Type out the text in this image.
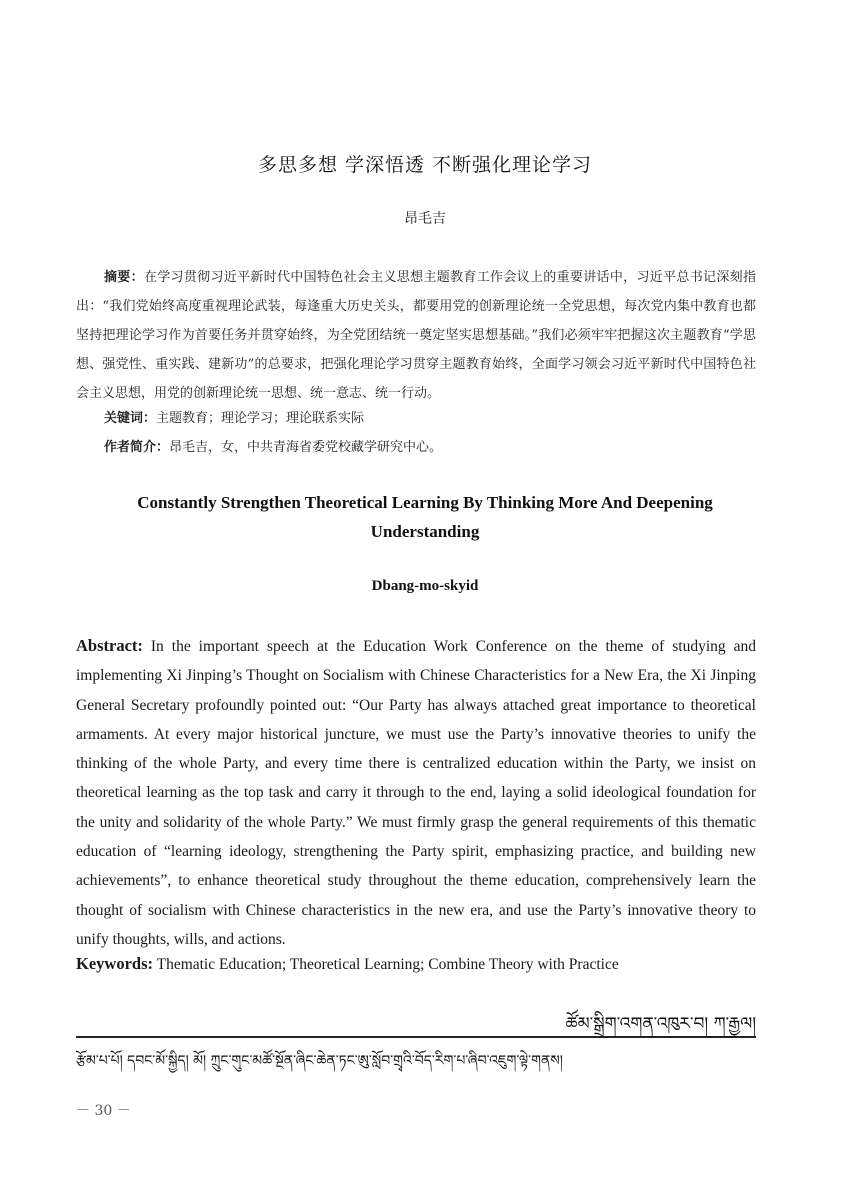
多思多想 学深悟透 不断强化理论学习
昂毛吉

摘要：在学习贯彻习近平新时代中国特色社会主义思想主题教育工作会议上的重要讲话中，习近平总书记深刻指出：“我们党始终高度重视理论武装，每逢重大历史关头，都要用党的创新理论统一全党思想，每次党内集中教育也都坚持把理论学习作为首要任务并贯穿始终，为全党团结统一奠定坚实思想基础。”我们必须牢牢把握这次主题教育“学思想、强党性、重实践、建新功”的总要求，把强化理论学习贯穿主题教育始终，全面学习领会习近平新时代中国特色社会主义思想，用党的创新理论统一思想、统一意志、统一行动。

关键词：主题教育；理论学习；理论联系实际

作者简介：昂毛吉，女，中共青海省委党校藏学研究中心。

Constantly Strengthen Theoretical Learning By Thinking More And Deepening Understanding

Dbang-mo-skyid

Abstract: In the important speech at the Education Work Conference on the theme of studying and implementing Xi Jinping’s Thought on Socialism with Chinese Characteristics for a New Era, the Xi Jinping General Secretary profoundly pointed out: “Our Party has always attached great importance to theoretical armaments. At every major historical juncture, we must use the Party’s innovative theories to unify the thinking of the whole Party, and every time there is centralized education within the Party, we insist on theoretical learning as the top task and carry it through to the end, laying a solid ideological foundation for the unity and solidarity of the whole Party.” We must firmly grasp the general requirements of this thematic education of “learning ideology, strengthening the Party spirit, emphasizing practice, and building new achievements”, to enhance theoretical study throughout the theme education, comprehensively learn the thought of socialism with Chinese characteristics in the new era, and use the Party’s innovative theory to unify thoughts, wills, and actions.

Keywords: Thematic Education; Theoretical Learning; Combine Theory with Practice

ཚོམ་སྒྲིག་འགན་འཁུར་བ། ཀ་རྒྱལ།
རྩོམ་པ་པོ། དབང་མོ་སྐྱིད། མོ། ཀྲུང་གུང་མཚོ་སྔོན་ཞིང་ཆེན་ཏང་ཨུ་སློབ་གྲྭའི་བོད་རིག་པ་ཞིབ་འཇུག་ལྟེ་གནས།
－ 30 －
